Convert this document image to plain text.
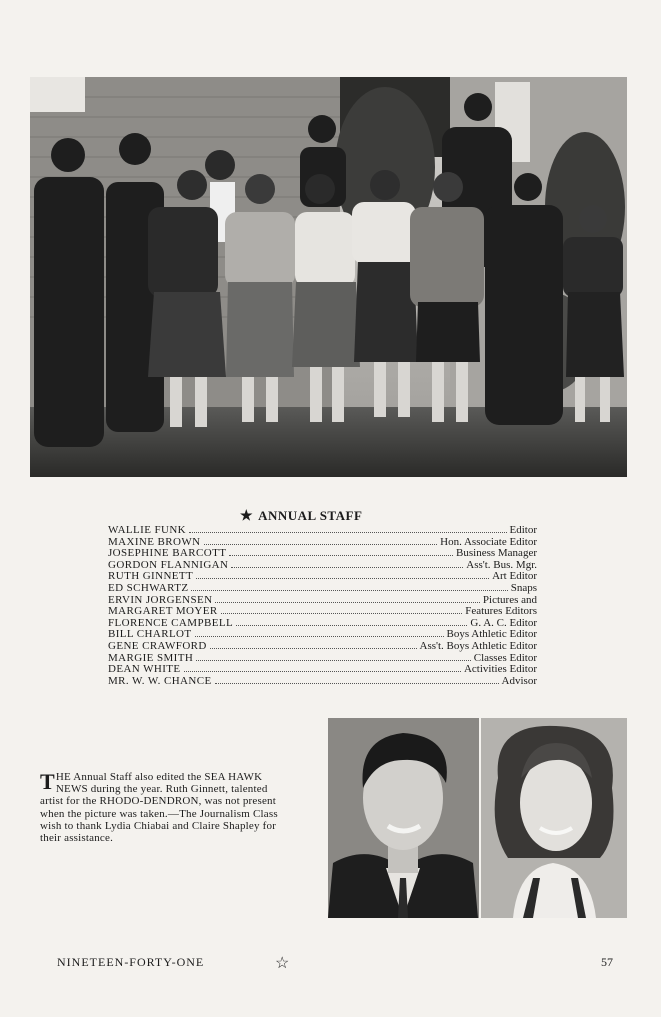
★ ANNUAL STAFF
WALLIE FUNK	Editor
MAXINE BROWN	Hon. Associate Editor
JOSEPHINE BARCOTT	Business Manager
GORDON FLANNIGAN	Ass't. Bus. Mgr.
RUTH GINNETT	Art Editor
ED SCHWARTZ	Snaps
ERVIN JORGENSEN	Pictures and
MARGARET MOYER	Features Editors
FLORENCE CAMPBELL	G. A. C. Editor
BILL CHARLOT	Boys Athletic Editor
GENE CRAWFORD	Ass't. Boys Athletic Editor
MARGIE SMITH	Classes Editor
DEAN WHITE	Activities Editor
MR. W. W. CHANCE	Advisor
THE Annual Staff also edited the SEA HAWK NEWS during the year. Ruth Ginnett, talented artist for the RHODO-DENDRON, was not present when the picture was taken.—The Journalism Class wish to thank Lydia Chiabai and Claire Shapley for their assistance.
NINETEEN-FORTY-ONE	☆	57
